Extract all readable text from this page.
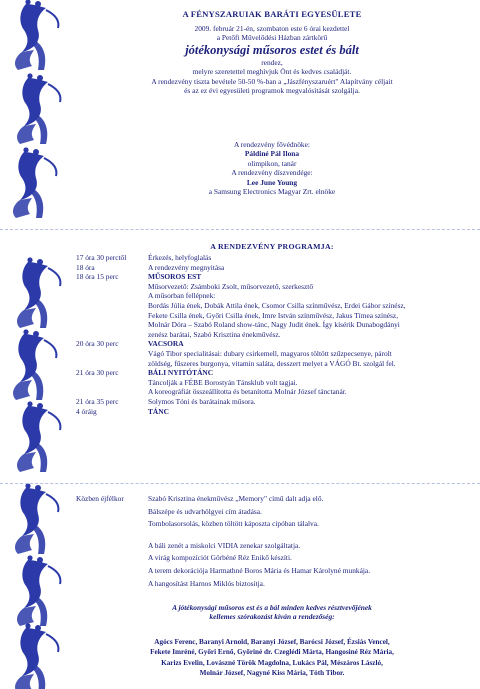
A FÉNYSZARUIAK BARÁTI EGYESÜLETE
2009. február 21-én, szombaton este 6 órai kezdettel
a Petőfi Művelődési Házban zártkörű
jótékonysági műsoros estet és bált
rendez,
melyre szeretettel meghívjuk Önt és kedves családját.
A rendezvény tiszta bevétele 50-50 %-ban a „Jászfényszaruért" Alapítvány céljait
és az ez évi egyesületi programok megvalósítását szolgálja.
A rendezvény fővédnöke:
Páldiné Pál Ilona
olimpikon, tanár
A rendezvény díszvendége:
Lee June Young
a Samsung Electronics Magyar Zrt. elnöke
A RENDEZVÉNY PROGRAMJA:
17 óra 30 perctől	Érkezés, helyfoglalás
18 óra	A rendezvény megnyitása
18 óra 15 perc	MŰSOROS EST
Műsorvezető: Zsámboki Zsolt, műsorvezető, szerkesztő
A műsorban fellépnek:
Bordás Júlia ének, Dobák Attila ének, Csomor Csilla színművész, Erdei Gábor színész,
Fekete Csilla ének, Győri Csilla ének, Imre István színművész, Jakus Tímea színész,
Molnár Dóra – Szabó Roland show-tánc, Nagy Judit ének. Így kísérik Dunabogdányi
zenész barátai, Szabó Krisztina énekművész.
20 óra 30 perc	VACSORA
Vágó Tibor specialitásai: dubary csirkemell, magyaros töltött szűzpecsenye, párolt
zöldség, fűszeres burgonya, vitamin saláta, desszert melyet a VÁGÓ Bt. szolgál fel.
21 óra 30 perc	BÁLI NYITÓTÁNC
Táncolják a FÉBE Borostyán Tánsklub volt tagjai.
A koreográfiát összeállította és betanította Molnár József tánctanár.
21 óra 35 perc	Solymos Tóni és barátainak műsora.
4 óráig	TÁNC
Közben éjfélkor	Szabó Krisztina énekművész „Memory" című dalt adja elő.
Bálszépe és udvarhölgyei cím átadása.
Tombolasorsolás, közben töltött káposzta cipóban tálalva.
A báli zenét a miskolci VIDIA zenekar szolgáltatja.
A virág kompozíciót Görbéné Réz Enikő készíti.
A terem dekorációja Harmathné Boros Mária és Hamar Károlyné munkája.
A hangosítást Harnos Miklós biztosítja.
A jótékonysági műsoros est és a bál minden kedves résztvevőjének
kellemes szórakozást kíván a rendezőség:
Agócs Ferenc, Baranyi Arnold, Baranyi József, Barócsi József, Ézsiás Vencel,
Fekete Imréné, Győri Ernő, Győriné dr. Czeglédi Márta, Hangosiné Réz Mária,
Karizs Evelin, Lovászné Török Magdolna, Lukács Pál, Mészáros László,
Molnár József, Nagyné Kiss Mária, Tóth Tibor.
